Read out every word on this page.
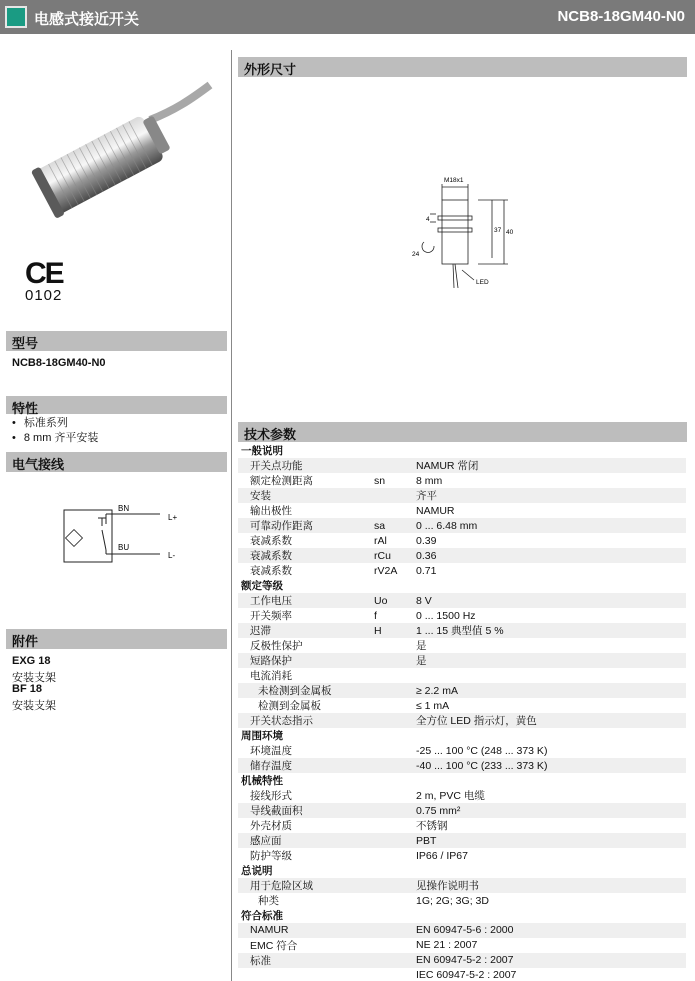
电感式接近开关	NCB8-18GM40-N0
CE
0102
型号
NCB8-18GM40-N0
特性
• 标准系列
• 8 mm 齐平安装
电气接线
BN
BU
L+
L-
附件
EXG 18
安装支架
BF 18
安装支架
外形尺寸
M18x1
4
37 40
24
LED
技术参数
一般说明		
开关点功能		NAMUR 常闭
额定检测距离	sn	8 mm
安装		齐平
输出极性		NAMUR
可靠动作距离	sa	0 ... 6.48 mm
衰减系数	rAl	0.39
衰减系数	rCu	0.36
衰减系数	rV2A	0.71
额定等级		
工作电压	Uo	8 V
开关频率	f	0 ... 1500 Hz
迟滞	H	1 ... 15 典型值 5 %
反极性保护		是
短路保护		是
电流消耗		
未检测到金属板		≥ 2.2 mA
检测到金属板		≤ 1 mA
开关状态指示		全方位 LED 指示灯，黄色
周围环境		
环境温度		-25 ... 100 °C (248 ... 373 K)
储存温度		-40 ... 100 °C (233 ... 373 K)
机械特性		
接线形式		2 m, PVC 电缆
导线截面积		0.75 mm²
外壳材质		不锈钢
感应面		PBT
防护等级		IP66 / IP67
总说明		
用于危险区域		见操作说明书
种类		1G; 2G; 3G; 3D
符合标准		
NAMUR		EN 60947-5-6 : 2000
EMC 符合		NE 21 : 2007
标准		EN 60947-5-2 : 2007
		IEC 60947-5-2 : 2007
